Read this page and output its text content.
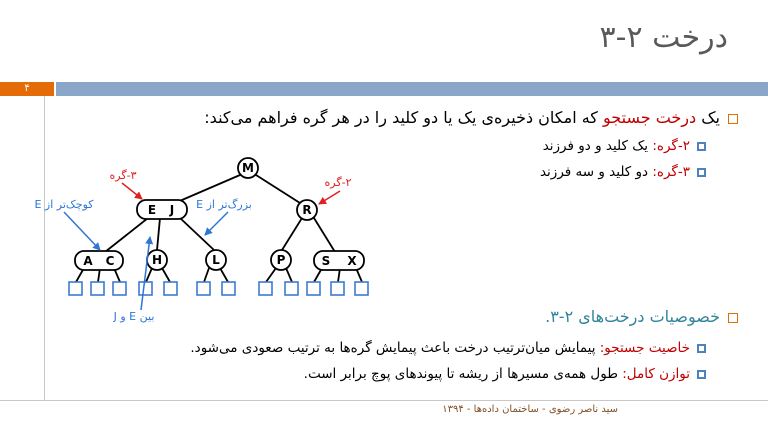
درخت ۲-۳
۴
یک درخت جستجو که امکان ذخیره‌ی یک یا دو کلید را در هر گره فراهم می‌کند:
۲-گره: یک کلید و دو فرزند
۳-گره: دو کلید و سه فرزند
خصوصیات درخت‌های ۲-۳.
خاصیت جستجو: پیمایش میان‌ترتیب درخت باعث پیمایش گره‌ها به ترتیب صعودی می‌شود.
توازن کامل: طول همه‌ی مسیرها از ریشه تا پیوندهای پوچ برابر است.
M
E J	R
A C	H	L	P	S X
۳-گره
۲-گره
کوچک‌تر از E	بزرگ‌تر از E
بین E و J
سید ناصر رضوی - ساختمان داده‌ها - ۱۳۹۴
